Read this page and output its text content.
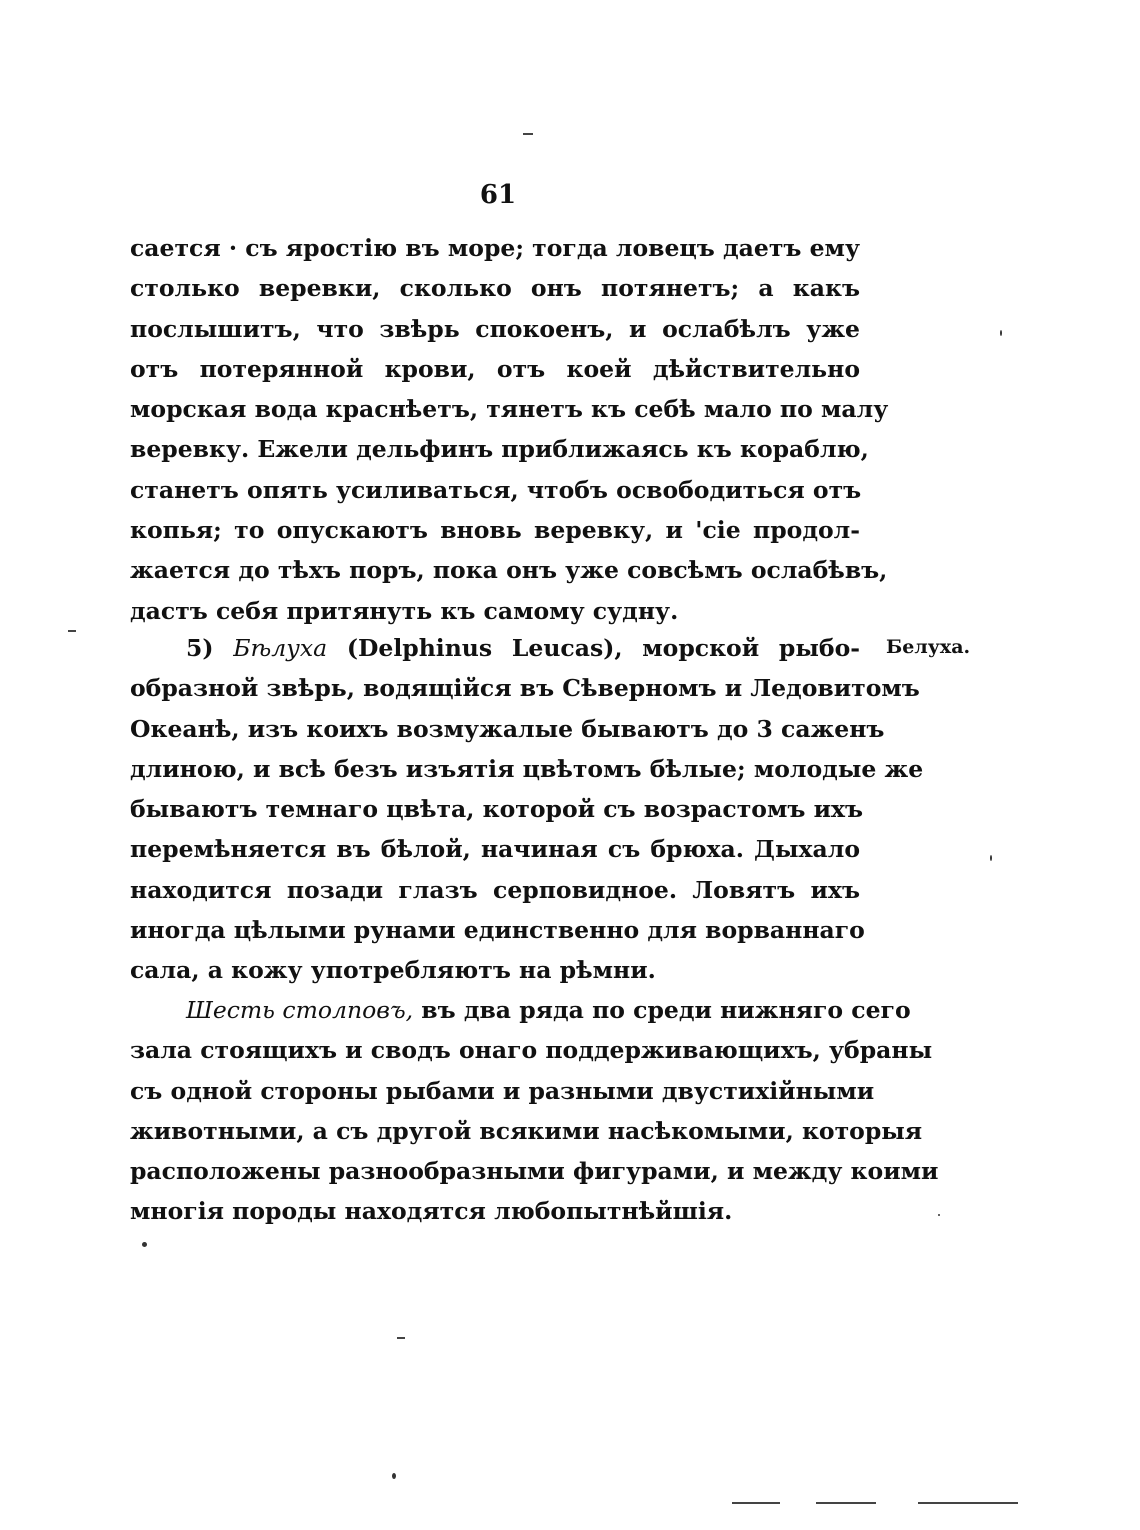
61
сается · съ яростію въ море; тогда ловецъ даетъ ему
столько веревки, сколько онъ потянетъ; а какъ
послышитъ, что звѣрь спокоенъ, и ослабѣлъ уже
отъ потерянной крови, отъ коей дѣйствительно
морская вода краснѣетъ, тянетъ къ себѣ мало по малу
веревку. Ежели дельфинъ приближаясь къ кораблю,
станетъ опять усиливаться, чтобъ освободиться отъ
копья; то опускаютъ вновь веревку, и 'сіе продол-
жается до тѣхъ поръ, пока онъ уже совсѣмъ ослабѣвъ,
дастъ себя притянуть къ самому судну.
5) Бѣлуха (Delphinus Leucas), морской рыбо-
образной звѣрь, водящійся въ Сѣверномъ и Ледовитомъ
Океанѣ, изъ коихъ возмужалые бываютъ до 3 саженъ
длиною, и всѣ безъ изъятія цвѣтомъ бѣлые; молодые же
бываютъ темнаго цвѣта, которой съ возрастомъ ихъ
перемѣняется въ бѣлой, начиная съ брюха. Дыхало
находится позади глазъ серповидное. Ловятъ ихъ
иногда цѣлыми рунами единственно для ворваннаго
сала, а кожу употребляютъ на рѣмни.
Белуха.
Шесть столповъ, въ два ряда по среди нижняго сего
зала стоящихъ и сводъ онаго поддерживающихъ, убраны
съ одной стороны рыбами и разными двустихійными
животными, а съ другой всякими насѣкомыми, которыя
расположены разнообразными фигурами, и между коими
многія породы находятся любопытнѣйшія.
